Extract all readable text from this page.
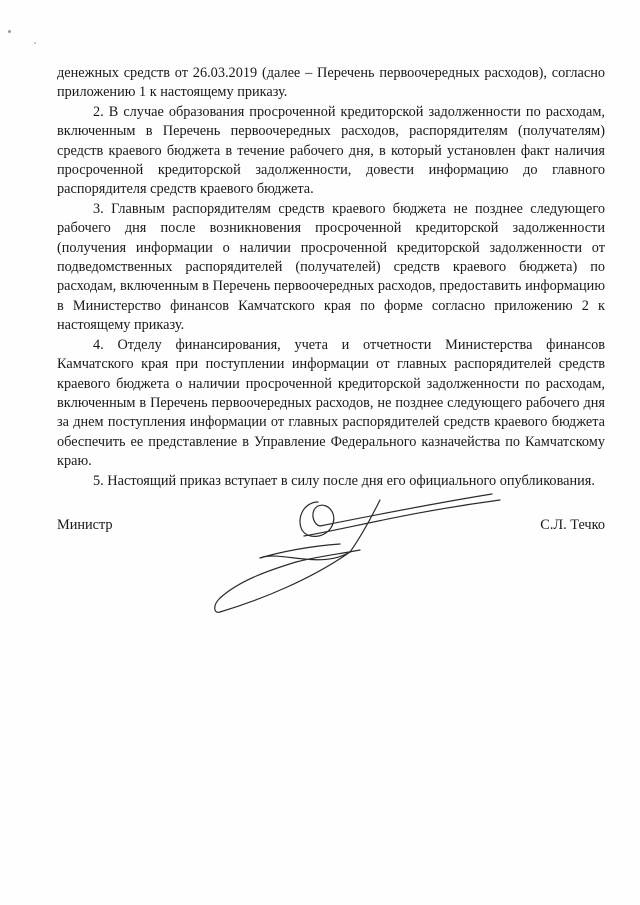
денежных средств от 26.03.2019 (далее – Перечень первоочередных расходов), согласно приложению 1 к настоящему приказу.

2. В случае образования просроченной кредиторской задолженности по расходам, включенным в Перечень первоочередных расходов, распорядителям (получателям) средств краевого бюджета в течение рабочего дня, в который установлен факт наличия просроченной кредиторской задолженности, довести информацию до главного распорядителя средств краевого бюджета.

3. Главным распорядителям средств краевого бюджета не позднее следующего рабочего дня после возникновения просроченной кредиторской задолженности (получения информации о наличии просроченной кредиторской задолженности от подведомственных распорядителей (получателей) средств краевого бюджета) по расходам, включенным в Перечень первоочередных расходов, предоставить информацию в Министерство финансов Камчатского края по форме согласно приложению 2 к настоящему приказу.

4. Отделу финансирования, учета и отчетности Министерства финансов Камчатского края при поступлении информации от главных распорядителей средств краевого бюджета о наличии просроченной кредиторской задолженности по расходам, включенным в Перечень первоочередных расходов, не позднее следующего рабочего дня за днем поступления информации от главных распорядителей средств краевого бюджета обеспечить ее представление в Управление Федерального казначейства по Камчатскому краю.

5. Настоящий приказ вступает в силу после дня его официального опубликования.

Министр	С.Л. Течко
